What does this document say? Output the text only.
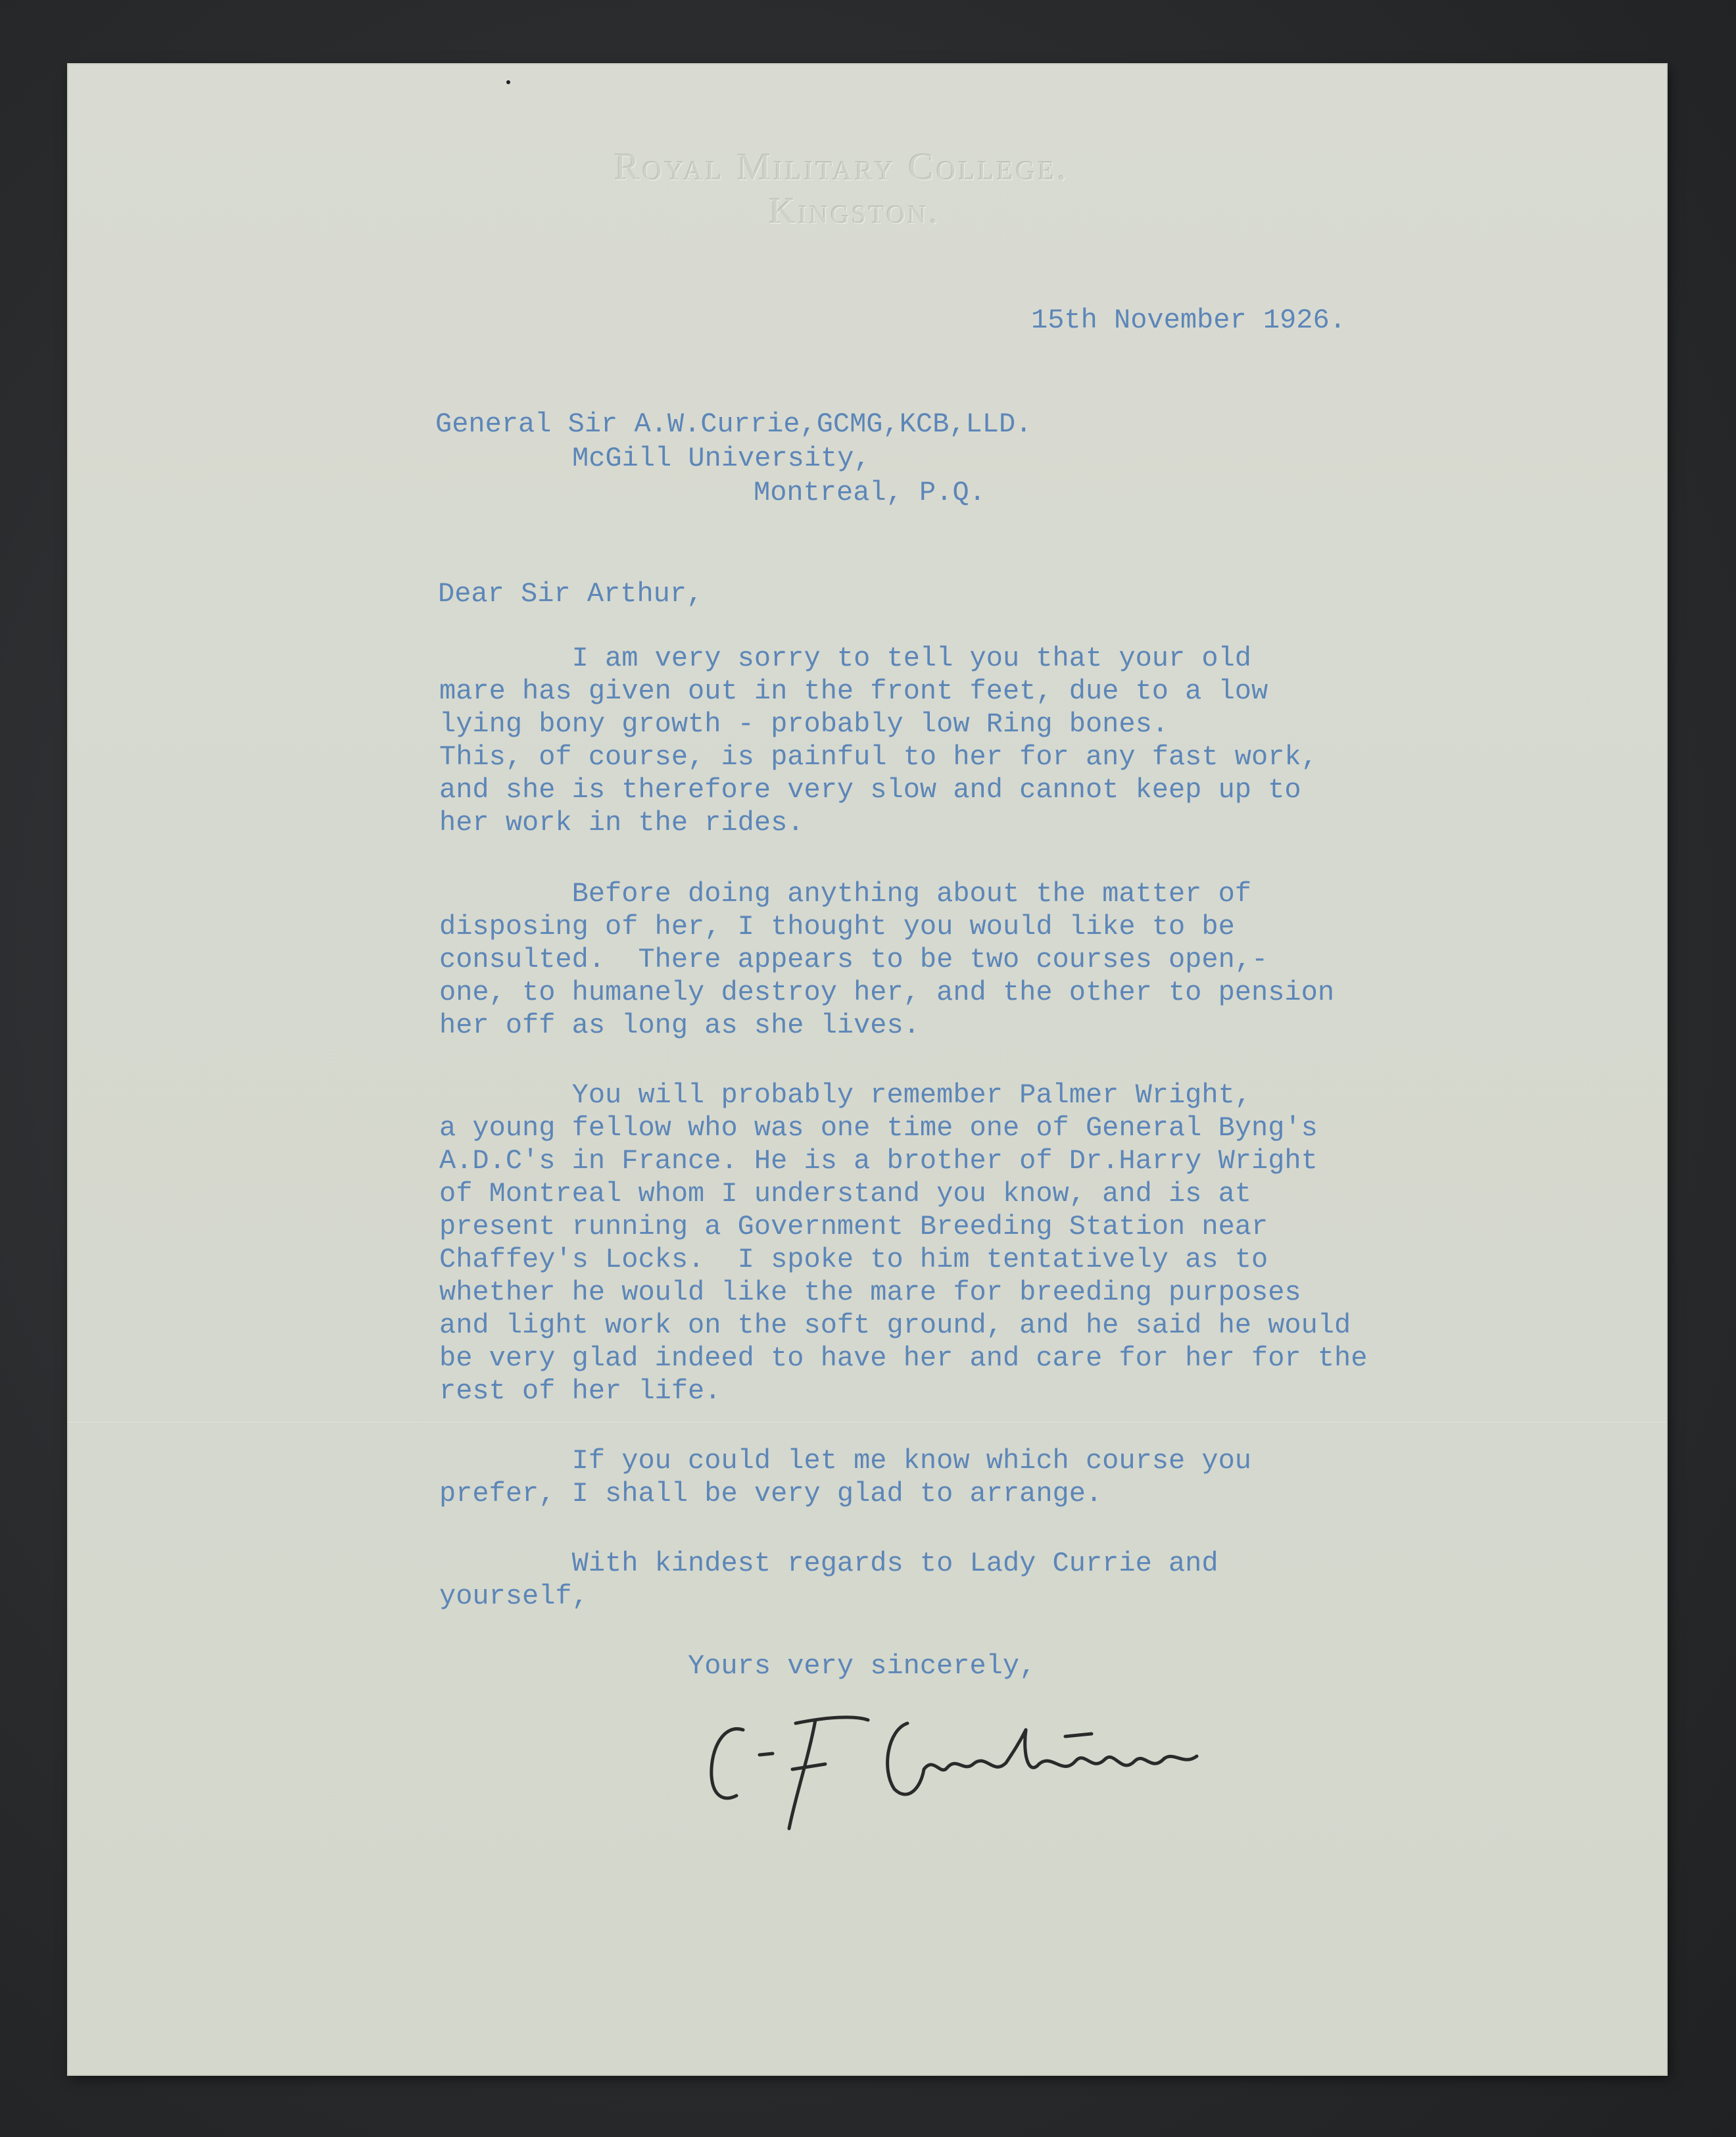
Royal Military College.
Kingston.
15th November 1926.
General Sir A.W.Currie,GCMG,KCB,LLD.
McGill University,
Montreal, P.Q.
Dear Sir Arthur,
I am very sorry to tell you that your old
mare has given out in the front feet, due to a low
lying bony growth - probably low Ring bones.
This, of course, is painful to her for any fast work,
and she is therefore very slow and cannot keep up to
her work in the rides.
Before doing anything about the matter of
disposing of her, I thought you would like to be
consulted.  There appears to be two courses open,-
one, to humanely destroy her, and the other to pension
her off as long as she lives.
You will probably remember Palmer Wright,
a young fellow who was one time one of General Byng's
A.D.C's in France. He is a brother of Dr.Harry Wright
of Montreal whom I understand you know, and is at
present running a Government Breeding Station near
Chaffey's Locks.  I spoke to him tentatively as to
whether he would like the mare for breeding purposes
and light work on the soft ground, and he said he would
be very glad indeed to have her and care for her for the
rest of her life.
If you could let me know which course you
prefer, I shall be very glad to arrange.
With kindest regards to Lady Currie and
yourself,
Yours very sincerely,
